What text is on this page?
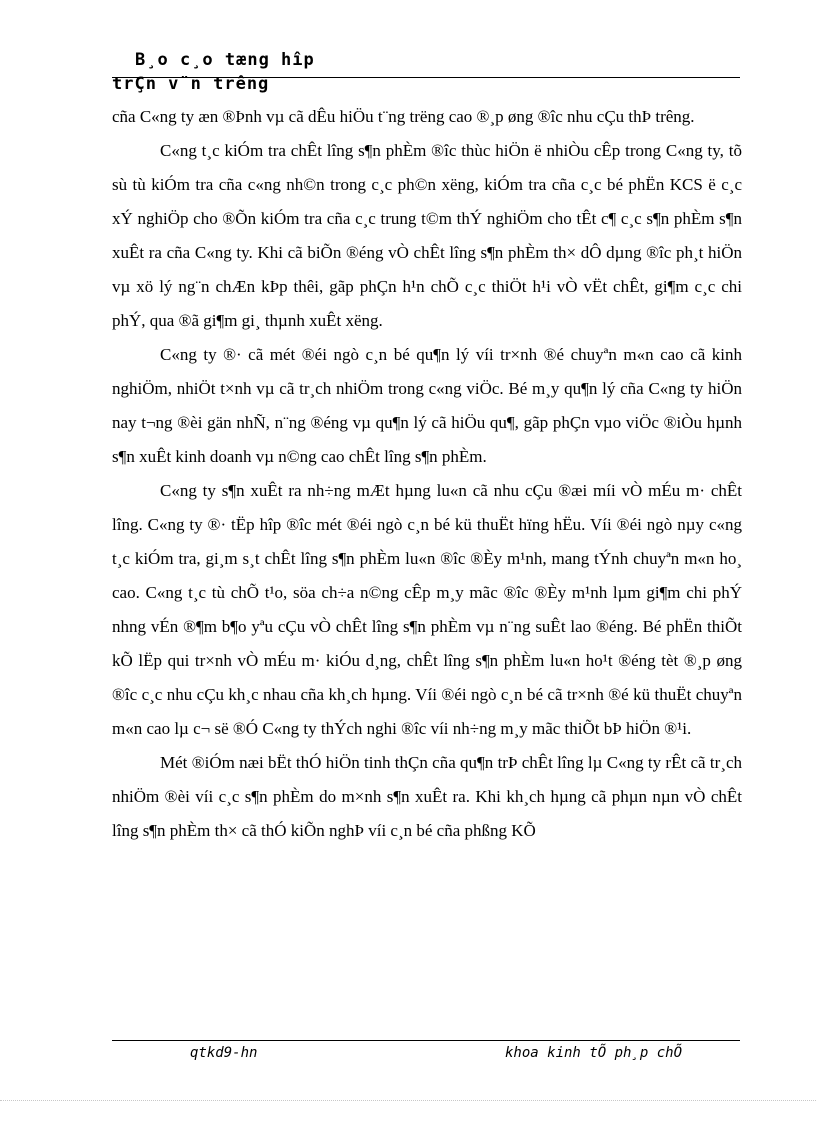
B¸o c¸o tæng hîp
trÇn v¨n trêng

cña C«ng ty æn ®Þnh vµ cã dÊu hiÖu t¨ng trëng cao ®¸p øng ®îc nhu cÇu thÞ trêng.

C«ng t¸c kiÓm tra chÊt lîng s¶n phÈm ®îc thùc hiÖn ë nhiÒu cÊp trong C«ng ty, tõ sù tù kiÓm tra cña c«ng nh©n trong c¸c ph©n xëng, kiÓm tra cña c¸c bé phËn KCS ë c¸c xÝ nghiÖp cho ®Õn kiÓm tra cña c¸c trung t©m thÝ nghiÖm cho tÊt c¶ c¸c s¶n phÈm s¶n xuÊt ra cña C«ng ty. Khi cã biÕn ®éng vÒ chÊt lîng s¶n phÈm th× dÔ dµng ®îc ph¸t hiÖn vµ xö lý ng¨n chÆn kÞp thêi, gãp phÇn h¹n chÕ c¸c thiÖt h¹i vÒ vËt chÊt, gi¶m c¸c chi phÝ, qua ®ã gi¶m gi¸ thµnh xuÊt xëng.

C«ng ty ®· cã mét ®éi ngò c¸n bé qu¶n lý víi tr×nh ®é chuyªn m«n cao cã kinh nghiÖm, nhiÖt t×nh vµ cã tr¸ch nhiÖm trong c«ng viÖc. Bé m¸y qu¶n lý cña C«ng ty hiÖn nay t¬ng ®èi gän nhÑ, n¨ng ®éng vµ qu¶n lý cã hiÖu qu¶, gãp phÇn vµo viÖc ®iÒu hµnh s¶n xuÊt kinh doanh vµ n©ng cao chÊt lîng s¶n phÈm.

C«ng ty s¶n xuÊt ra nh÷ng mÆt hµng lu«n cã nhu cÇu ®æi míi vÒ mÉu m· chÊt lîng. C«ng ty ®· tËp hîp ®îc mét ®éi ngò c¸n bé kü thuËt hïng hËu. Víi ®éi ngò nµy c«ng t¸c kiÓm tra, gi¸m s¸t chÊt lîng s¶n phÈm lu«n ®îc ®Èy m¹nh, mang tÝnh chuyªn m«n ho¸ cao. C«ng t¸c tù chÕ t¹o, söa ch÷a n©ng cÊp m¸y mãc ®îc ®Èy m¹nh lµm gi¶m chi phÝ nhng vÉn ®¶m b¶o yªu cÇu vÒ chÊt lîng s¶n phÈm vµ n¨ng suÊt lao ®éng. Bé phËn thiÕt kÕ lËp qui tr×nh vÒ mÉu m· kiÓu d¸ng, chÊt lîng s¶n phÈm lu«n ho¹t ®éng tèt ®¸p øng ®îc c¸c nhu cÇu kh¸c nhau cña kh¸ch hµng. Víi ®éi ngò c¸n bé cã tr×nh ®é kü thuËt chuyªn m«n cao lµ c¬ së ®Ó C«ng ty thÝch nghi ®îc víi nh÷ng m¸y mãc thiÕt bÞ hiÖn ®¹i.

Mét ®iÓm næi bËt thÓ hiÖn tinh thÇn cña qu¶n trÞ chÊt lîng lµ C«ng ty rÊt cã tr¸ch nhiÖm ®èi víi c¸c s¶n phÈm do m×nh s¶n xuÊt ra. Khi kh¸ch hµng cã phµn nµn vÒ chÊt lîng s¶n phÈm th× cã thÓ kiÕn nghÞ víi c¸n bé cña phßng KÕ

qtkd9-hn	khoa kinh tÕ ph¸p chÕ
